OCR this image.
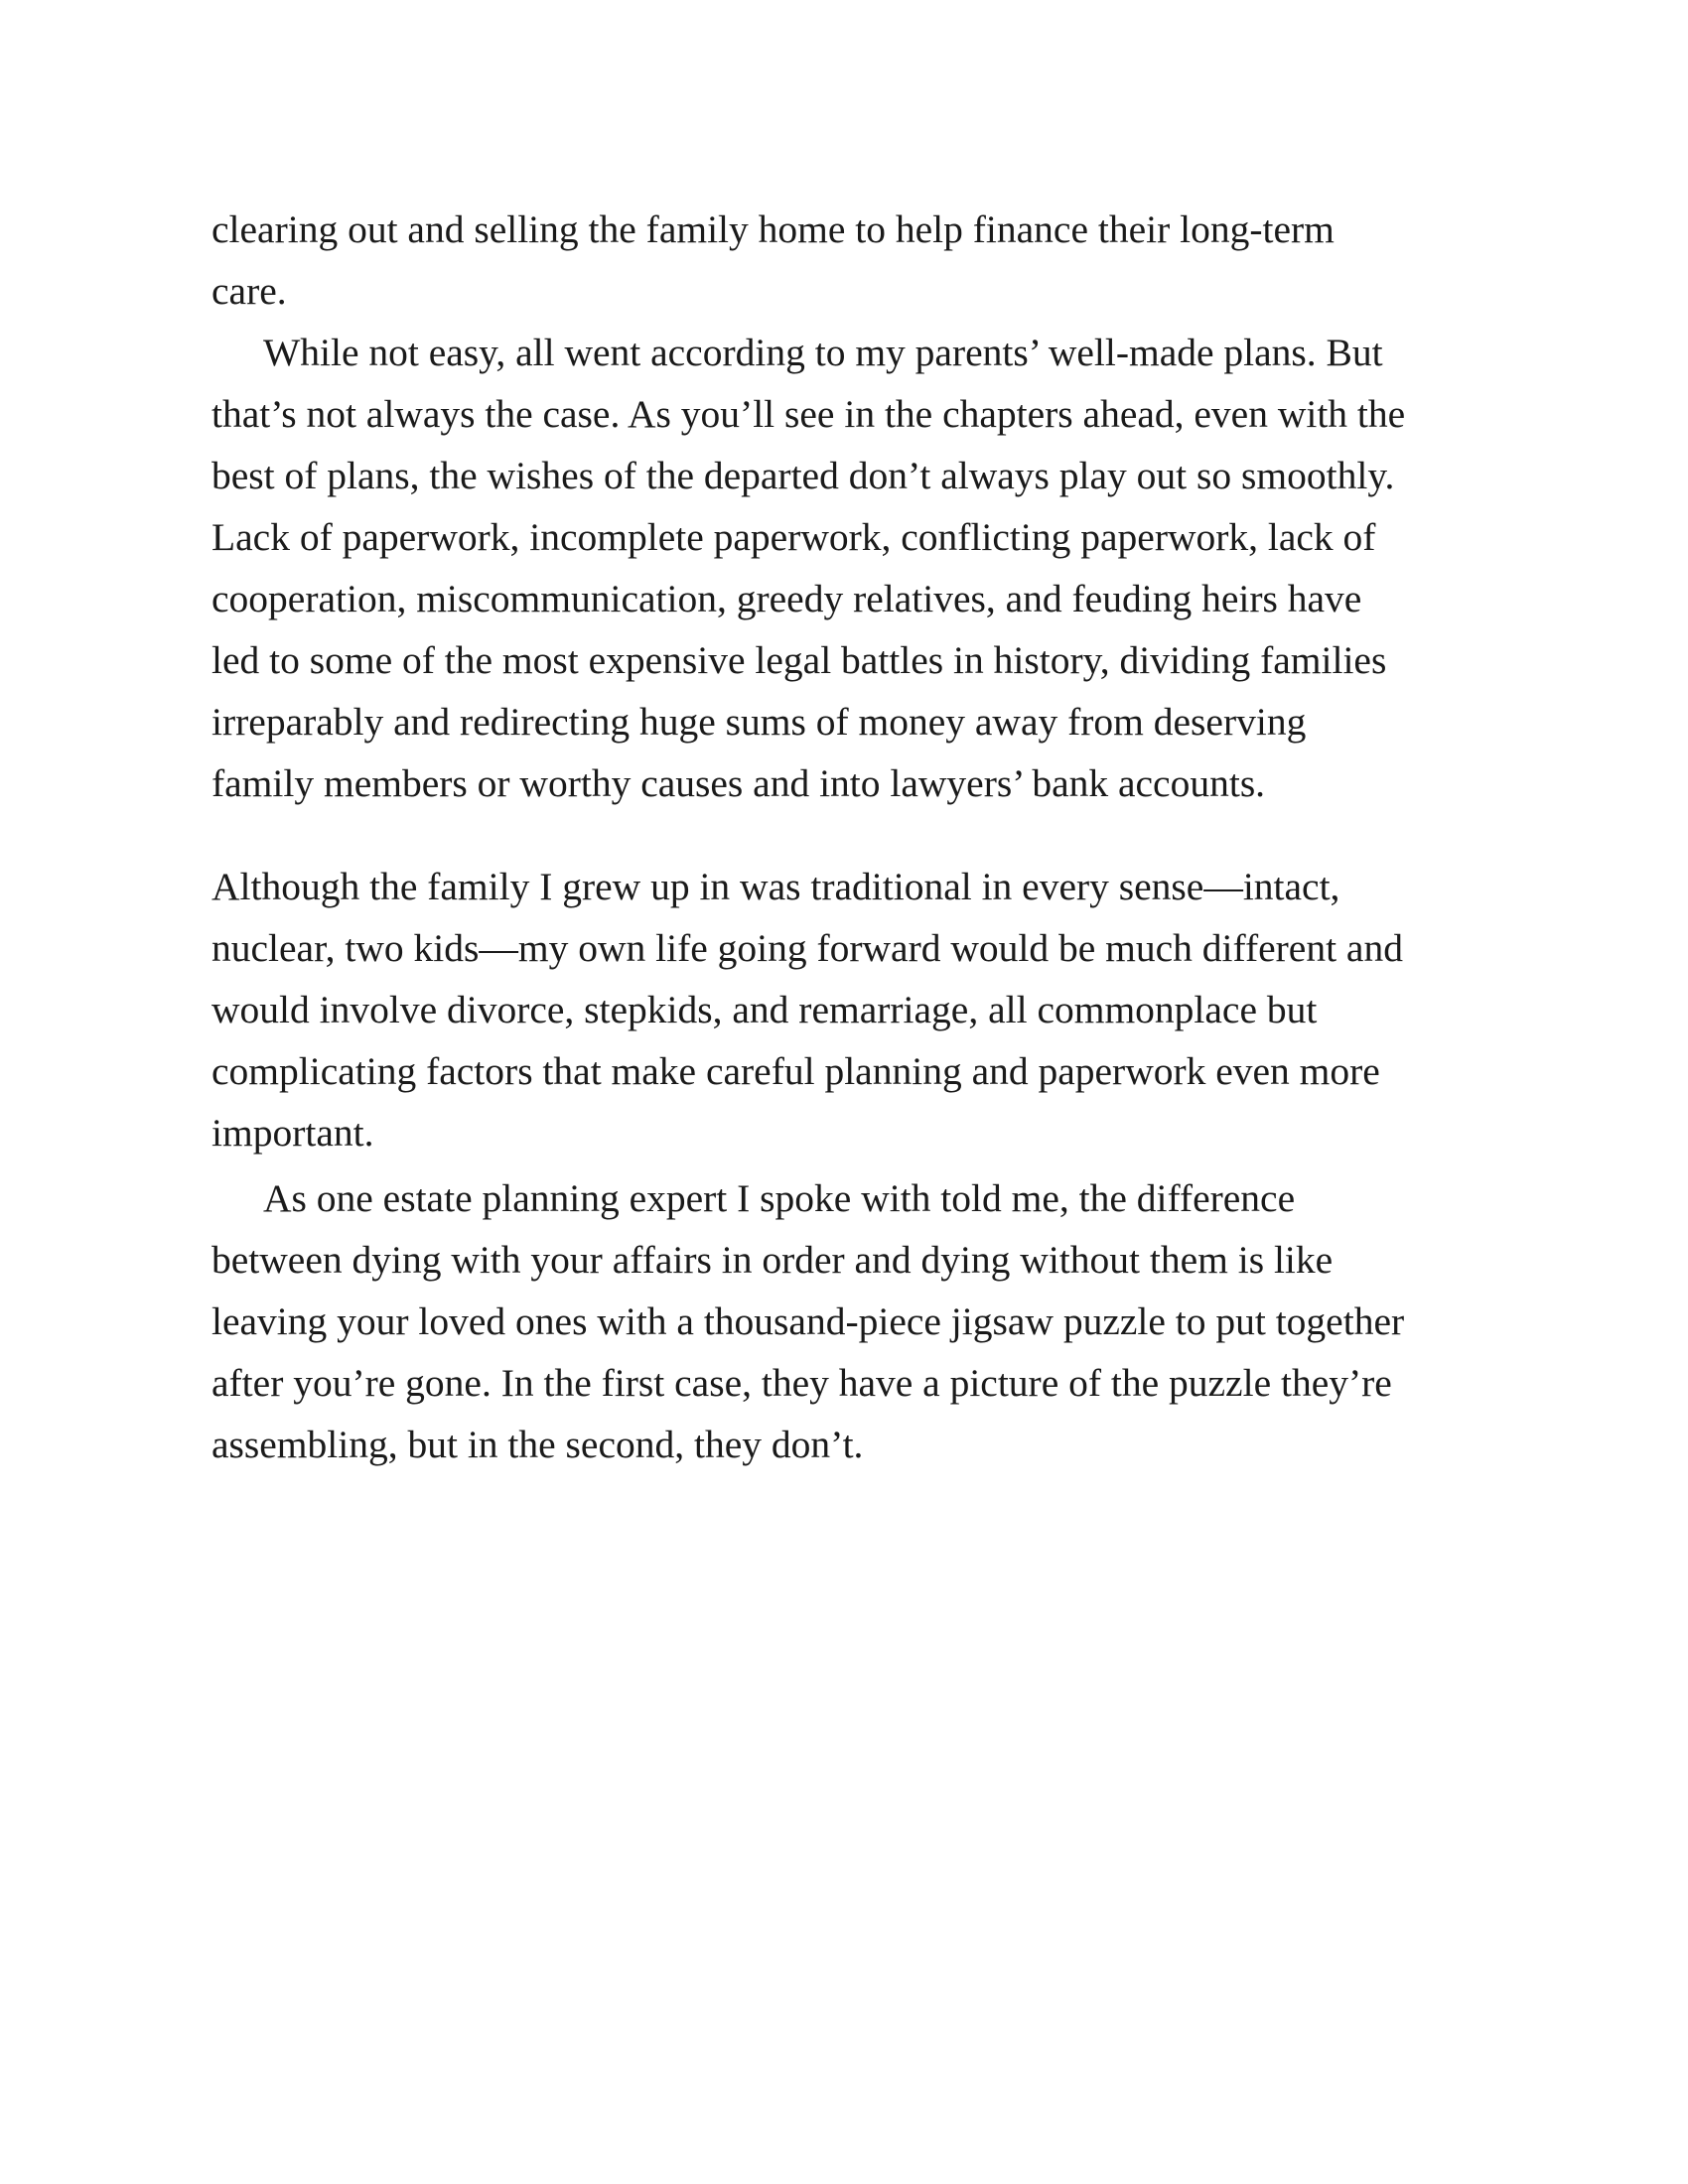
clearing out and selling the family home to help finance their long-term
care.

While not easy, all went according to my parents’ well-made plans. But
that’s not always the case. As you’ll see in the chapters ahead, even with the
best of plans, the wishes of the departed don’t always play out so smoothly.
Lack of paperwork, incomplete paperwork, conflicting paperwork, lack of
cooperation, miscommunication, greedy relatives, and feuding heirs have
led to some of the most expensive legal battles in history, dividing families
irreparably and redirecting huge sums of money away from deserving
family members or worthy causes and into lawyers’ bank accounts.

Although the family I grew up in was traditional in every sense—intact,
nuclear, two kids—my own life going forward would be much different and
would involve divorce, stepkids, and remarriage, all commonplace but
complicating factors that make careful planning and paperwork even more
important.

As one estate planning expert I spoke with told me, the difference
between dying with your affairs in order and dying without them is like
leaving your loved ones with a thousand-piece jigsaw puzzle to put together
after you’re gone. In the first case, they have a picture of the puzzle they’re
assembling, but in the second, they don’t.
